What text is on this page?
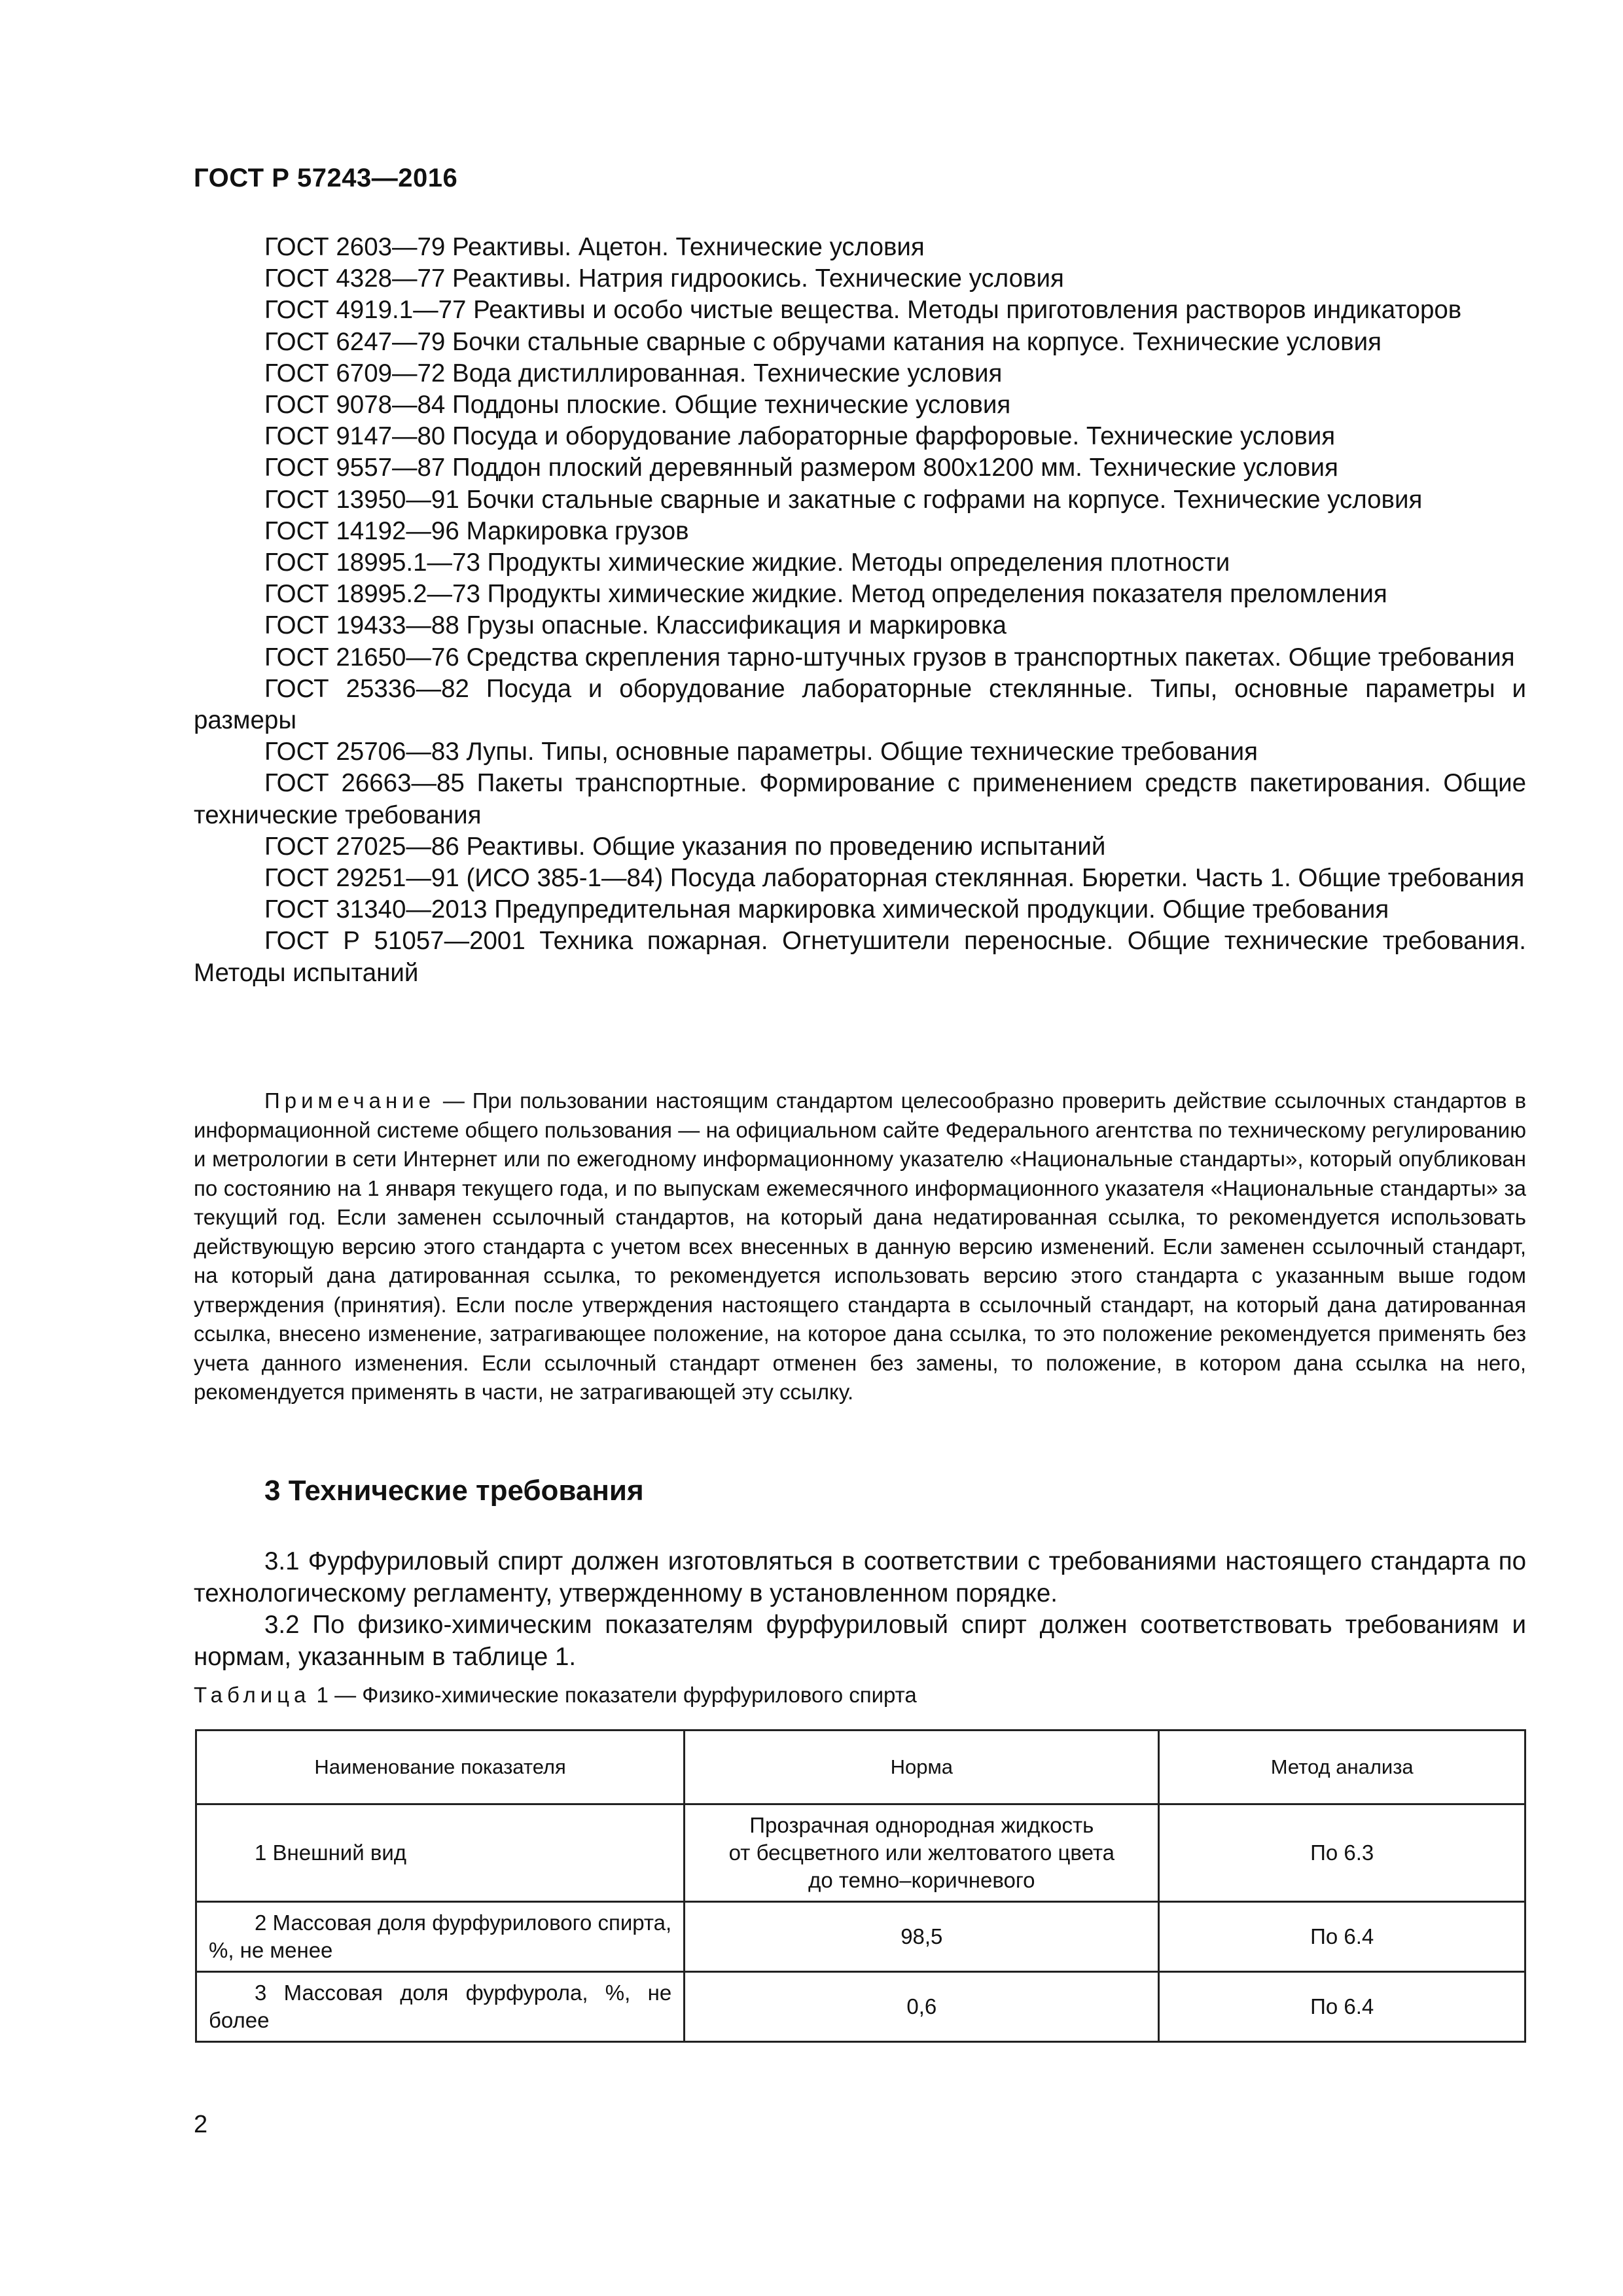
ГОСТ Р 57243—2016

ГОСТ 2603—79 Реактивы. Ацетон. Технические условия

ГОСТ 4328—77 Реактивы. Натрия гидроокись. Технические условия

ГОСТ 4919.1—77 Реактивы и особо чистые вещества. Методы приготовления растворов индикаторов

ГОСТ 6247—79 Бочки стальные сварные с обручами катания на корпусе. Технические условия

ГОСТ 6709—72 Вода дистиллированная. Технические условия

ГОСТ 9078—84 Поддоны плоские. Общие технические условия

ГОСТ 9147—80 Посуда и оборудование лабораторные фарфоровые. Технические условия

ГОСТ 9557—87 Поддон плоский деревянный размером 800x1200 мм. Технические условия

ГОСТ 13950—91 Бочки стальные сварные и закатные с гофрами на корпусе. Технические условия

ГОСТ 14192—96 Маркировка грузов

ГОСТ 18995.1—73 Продукты химические жидкие. Методы определения плотности

ГОСТ 18995.2—73 Продукты химические жидкие. Метод определения показателя преломления

ГОСТ 19433—88 Грузы опасные. Классификация и маркировка

ГОСТ 21650—76 Средства скрепления тарно-штучных грузов в транспортных пакетах. Общие требования

ГОСТ 25336—82 Посуда и оборудование лабораторные стеклянные. Типы, основные параметры и размеры

ГОСТ 25706—83 Лупы. Типы, основные параметры. Общие технические требования

ГОСТ 26663—85 Пакеты транспортные. Формирование с применением средств пакетирования. Общие технические требования

ГОСТ 27025—86 Реактивы. Общие указания по проведению испытаний

ГОСТ 29251—91 (ИСО 385-1—84) Посуда лабораторная стеклянная. Бюретки. Часть 1. Общие требования

ГОСТ 31340—2013 Предупредительная маркировка химической продукции. Общие требования

ГОСТ Р 51057—2001 Техника пожарная. Огнетушители переносные. Общие технические требования. Методы испытаний

Примечание — При пользовании настоящим стандартом целесообразно проверить действие ссылочных стандартов в информационной системе общего пользования — на официальном сайте Федерального агентства по техническому регулированию и метрологии в сети Интернет или по ежегодному информационному указателю «Национальные стандарты», который опубликован по состоянию на 1 января текущего года, и по выпускам ежемесячного информационного указателя «Национальные стандарты» за текущий год. Если заменен ссылочный стандартов, на который дана недатированная ссылка, то рекомендуется использовать действующую версию этого стандарта с учетом всех внесенных в данную версию изменений. Если заменен ссылочный стандарт, на который дана датированная ссылка, то рекомендуется использовать версию этого стандарта с указанным выше годом утверждения (принятия). Если после утверждения настоящего стандарта в ссылочный стандарт, на который дана датированная ссылка, внесено изменение, затрагивающее положение, на которое дана ссылка, то это положение рекомендуется применять без учета данного изменения. Если ссылочный стандарт отменен без замены, то положение, в котором дана ссылка на него, рекомендуется применять в части, не затрагивающей эту ссылку.

3 Технические требования

3.1 Фурфуриловый спирт должен изготовляться в соответствии с требованиями настоящего стандарта по технологическому регламенту, утвержденному в установленном порядке.

3.2 По физико-химическим показателям фурфуриловый спирт должен соответствовать требованиям и нормам, указанным в таблице 1.

Таблица 1 — Физико-химические показатели фурфурилового спирта
Наименование показателя	Норма	Метод анализа
1 Внешний вид	Прозрачная однородная жидкость
от бесцветного или желтоватого цвета
до темно–коричневого	По 6.3
2 Массовая доля фурфурилового спирта, %, не менее	98,5	По 6.4
3 Массовая доля фурфурола, %, не более	0,6	По 6.4
2
